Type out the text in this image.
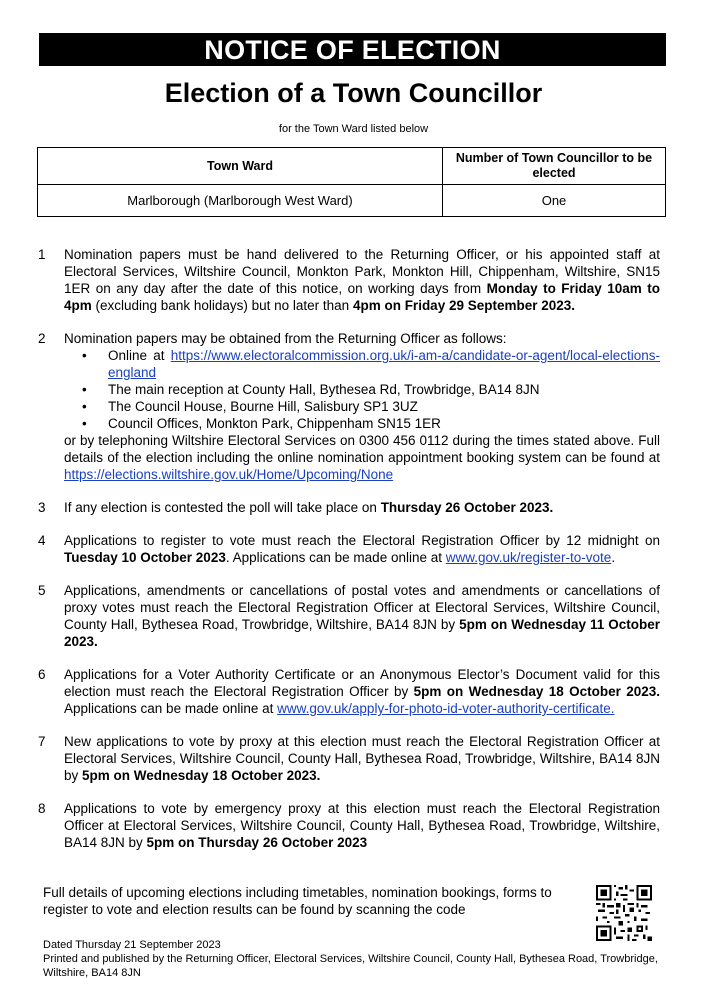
NOTICE OF ELECTION
Election of a Town Councillor
for the Town Ward listed below
Town Ward	Number of Town Councillor to be elected
Marlborough (Marlborough West Ward)	One
1	Nomination papers must be hand delivered to the Returning Officer, or his appointed staff at Electoral Services, Wiltshire Council, Monkton Park, Monkton Hill, Chippenham, Wiltshire, SN15 1ER on any day after the date of this notice, on working days from Monday to Friday 10am to 4pm (excluding bank holidays) but no later than 4pm on Friday 29 September 2023.
2	Nomination papers may be obtained from the Returning Officer as follows:
• Online at https://www.electoralcommission.org.uk/i-am-a/candidate-or-agent/local-elections-england
• The main reception at County Hall, Bythesea Rd, Trowbridge, BA14 8JN
• The Council House, Bourne Hill, Salisbury SP1 3UZ
• Council Offices, Monkton Park, Chippenham SN15 1ER
or by telephoning Wiltshire Electoral Services on 0300 456 0112 during the times stated above. Full details of the election including the online nomination appointment booking system can be found at https://elections.wiltshire.gov.uk/Home/Upcoming/None
3	If any election is contested the poll will take place on Thursday 26 October 2023.
4	Applications to register to vote must reach the Electoral Registration Officer by 12 midnight on Tuesday 10 October 2023. Applications can be made online at www.gov.uk/register-to-vote.
5	Applications, amendments or cancellations of postal votes and amendments or cancellations of proxy votes must reach the Electoral Registration Officer at Electoral Services, Wiltshire Council, County Hall, Bythesea Road, Trowbridge, Wiltshire, BA14 8JN by 5pm on Wednesday 11 October 2023.
6	Applications for a Voter Authority Certificate or an Anonymous Elector’s Document valid for this election must reach the Electoral Registration Officer by 5pm on Wednesday 18 October 2023. Applications can be made online at www.gov.uk/apply-for-photo-id-voter-authority-certificate.
7	New applications to vote by proxy at this election must reach the Electoral Registration Officer at Electoral Services, Wiltshire Council, County Hall, Bythesea Road, Trowbridge, Wiltshire, BA14 8JN by 5pm on Wednesday 18 October 2023.
8	Applications to vote by emergency proxy at this election must reach the Electoral Registration Officer at Electoral Services, Wiltshire Council, County Hall, Bythesea Road, Trowbridge, Wiltshire, BA14 8JN by 5pm on Thursday 26 October 2023
Full details of upcoming elections including timetables, nomination bookings, forms to register to vote and election results can be found by scanning the code
Dated Thursday 21 September 2023
Printed and published by the Returning Officer, Electoral Services, Wiltshire Council, County Hall, Bythesea Road, Trowbridge, Wiltshire, BA14 8JN
